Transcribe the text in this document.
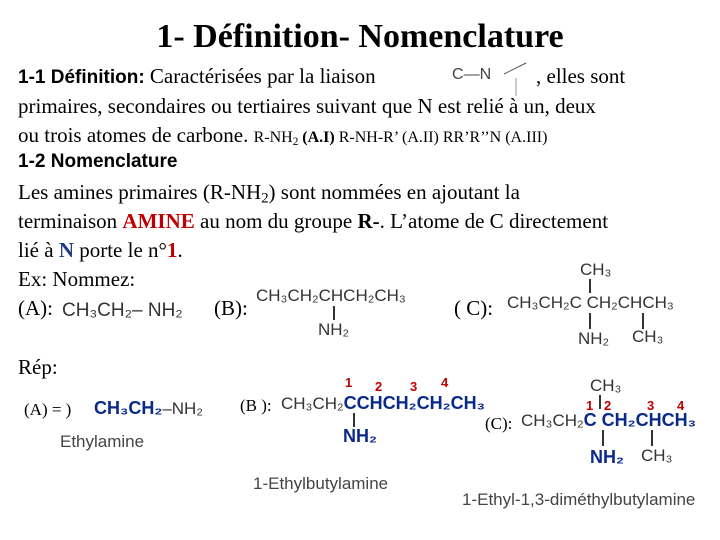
1- Définition- Nomenclature
1-1 Définition: Caractérisées par la liaison	C—N , elles sont
primaires, secondaires ou tertiaires suivant que N est relié à un, deux
ou trois atomes de carbone. $R-NH_2$ (A.I) R-NH-R’ (A.II) RR’R’’N (A.III)
1-2 Nomenclature
Les amines primaires $(R-NH_2)$ sont nommées en ajoutant la
terminaison AMINE au nom du groupe R-. L’atome de C directement
lié à N porte le n°1.
Ex: Nommez:
(A): CH₃CH₂– NH₂ (B):
CH₃CH₂CHCH₂CH₃
NH₂
( C):
CH₃
CH₃CH₂C CH₂CHCH₃
NH₂ CH₃
Rép:
(A) = ) CH₃CH₂–NH₂
Ethylamine
1 2 3 4
(B ): CH₃CH₂CCHCH₂CH₂CH₃
NH₂
1-Ethylbutylamine
CH₃
1 2	3 4
(C): CH₃CH₂C CH₂CHCH₃
NH₂ CH₃
1-Ethyl-1,3-diméthylbutylamine
